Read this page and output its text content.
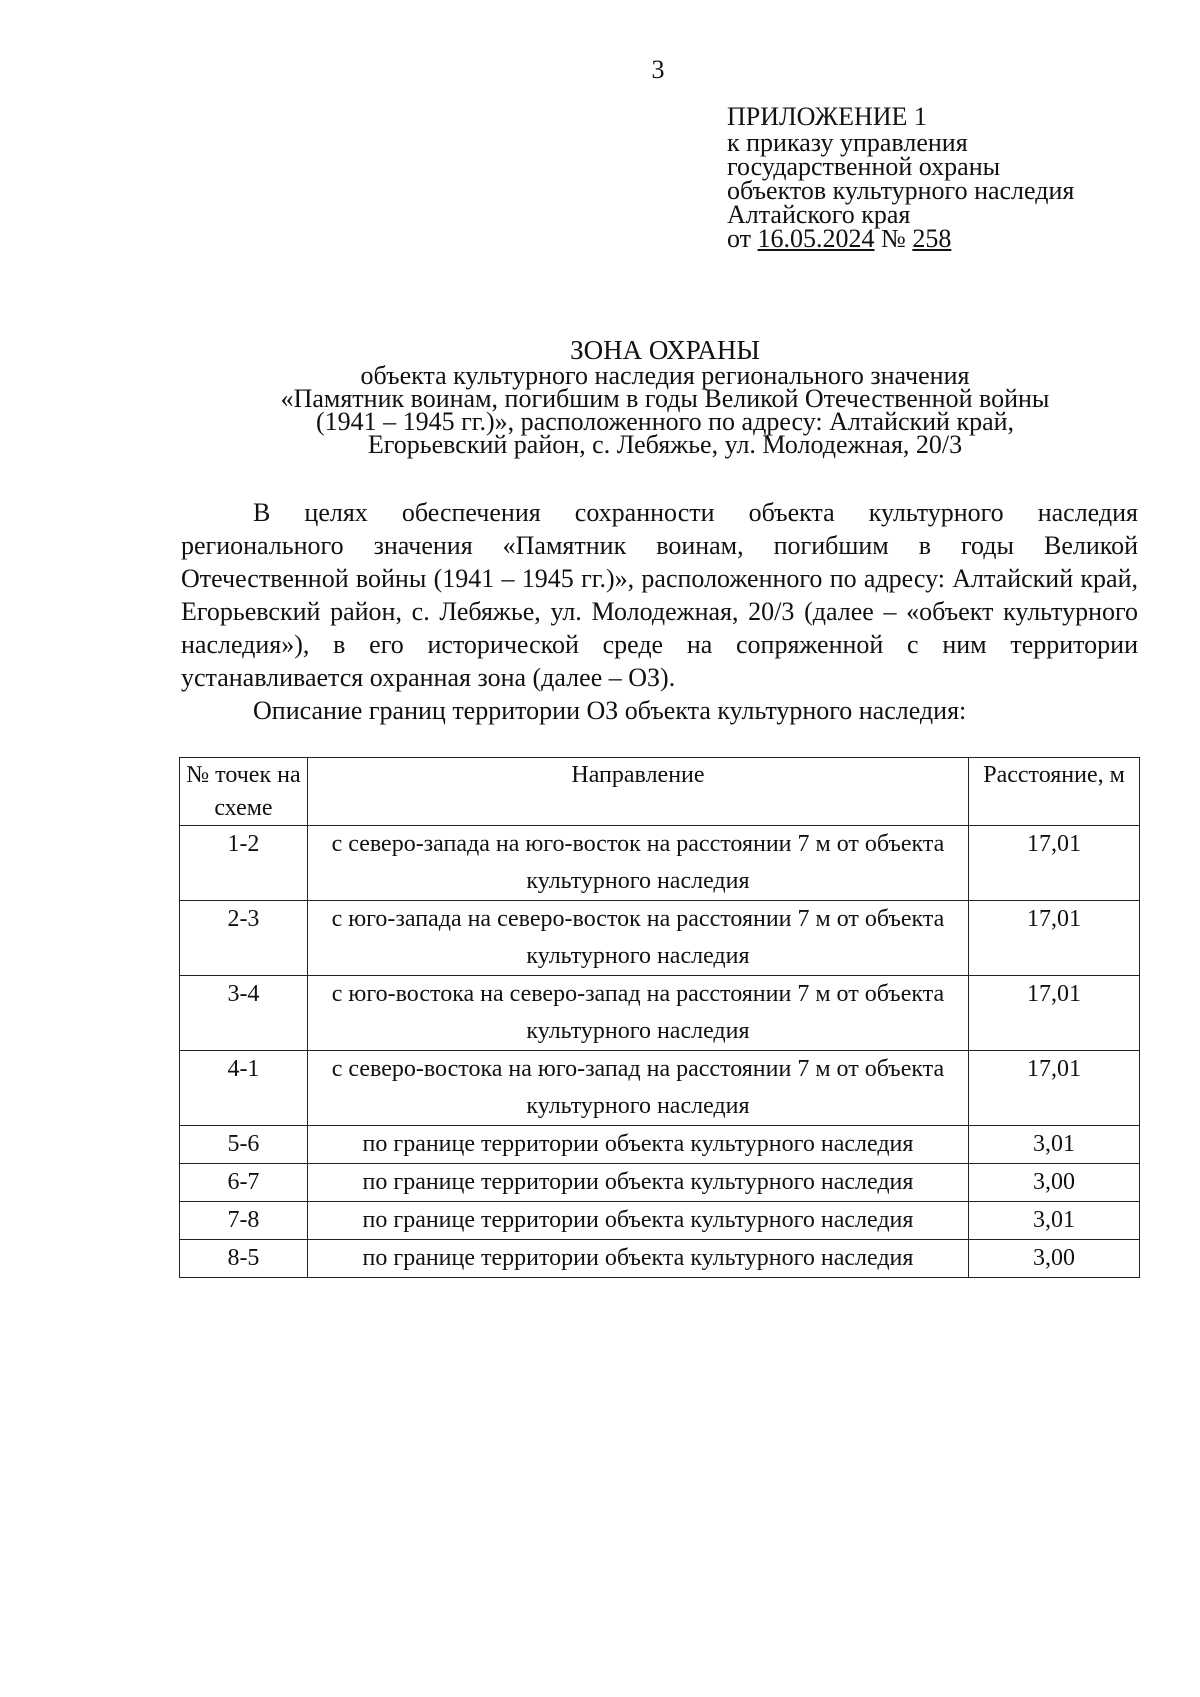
3
ПРИЛОЖЕНИЕ 1
к приказу управления
государственной охраны
объектов культурного наследия
Алтайского края
от 16.05.2024 № 258
ЗОНА ОХРАНЫ
объекта культурного наследия регионального значения
«Памятник воинам, погибшим в годы Великой Отечественной войны
(1941 – 1945 гг.)», расположенного по адресу: Алтайский край,
Егорьевский район, с. Лебяжье, ул. Молодежная, 20/3

В целях обеспечения сохранности объекта культурного наследия регионального значения «Памятник воинам, погибшим в годы Великой Отечественной войны (1941 – 1945 гг.)», расположенного по адресу: Алтайский край, Егорьевский район, с. Лебяжье, ул. Молодежная, 20/3 (далее – «объект культурного наследия»), в его исторической среде на сопряженной с ним территории устанавливается охранная зона (далее – ОЗ).

Описание границ территории ОЗ объекта культурного наследия:

№ точек на схеме	Направление	Расстояние, м
1-2	с северо-запада на юго-восток на расстоянии 7 м от объекта культурного наследия	17,01
2-3	с юго-запада на северо-восток на расстоянии 7 м от объекта культурного наследия	17,01
3-4	с юго-востока на северо-запад на расстоянии 7 м от объекта культурного наследия	17,01
4-1	с северо-востока на юго-запад на расстоянии 7 м от объекта культурного наследия	17,01
5-6	по границе территории объекта культурного наследия	3,01
6-7	по границе территории объекта культурного наследия	3,00
7-8	по границе территории объекта культурного наследия	3,01
8-5	по границе территории объекта культурного наследия	3,00
